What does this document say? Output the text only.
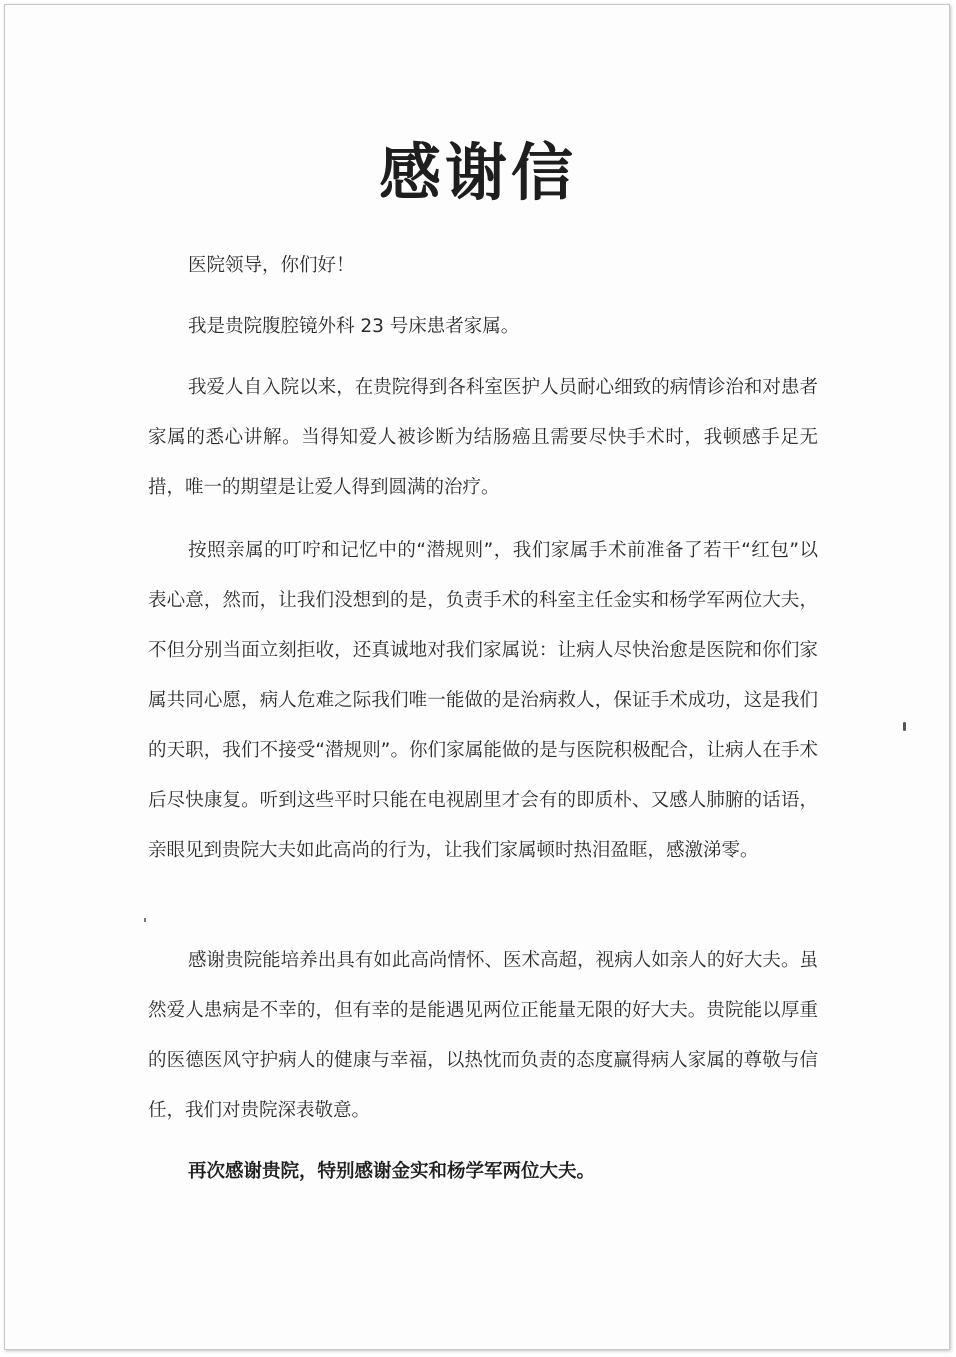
感谢信

医院领导，你们好！

我是贵院腹腔镜外科 23 号床患者家属。

我爱人自入院以来，在贵院得到各科室医护人员耐心细致的病情诊治和对患者家属的悉心讲解。当得知爱人被诊断为结肠癌且需要尽快手术时，我顿感手足无措，唯一的期望是让爱人得到圆满的治疗。

按照亲属的叮咛和记忆中的“潜规则”，我们家属手术前准备了若干“红包”以表心意，然而，让我们没想到的是，负责手术的科室主任金实和杨学军两位大夫，不但分别当面立刻拒收，还真诚地对我们家属说：让病人尽快治愈是医院和你们家属共同心愿，病人危难之际我们唯一能做的是治病救人，保证手术成功，这是我们的天职，我们不接受“潜规则”。你们家属能做的是与医院积极配合，让病人在手术后尽快康复。听到这些平时只能在电视剧里才会有的即质朴、又感人肺腑的话语，亲眼见到贵院大夫如此高尚的行为，让我们家属顿时热泪盈眶，感激涕零。

感谢贵院能培养出具有如此高尚情怀、医术高超，视病人如亲人的好大夫。虽然爱人患病是不幸的，但有幸的是能遇见两位正能量无限的好大夫。贵院能以厚重的医德医风守护病人的健康与幸福，以热忱而负责的态度赢得病人家属的尊敬与信任，我们对贵院深表敬意。

再次感谢贵院，特别感谢金实和杨学军两位大夫。
